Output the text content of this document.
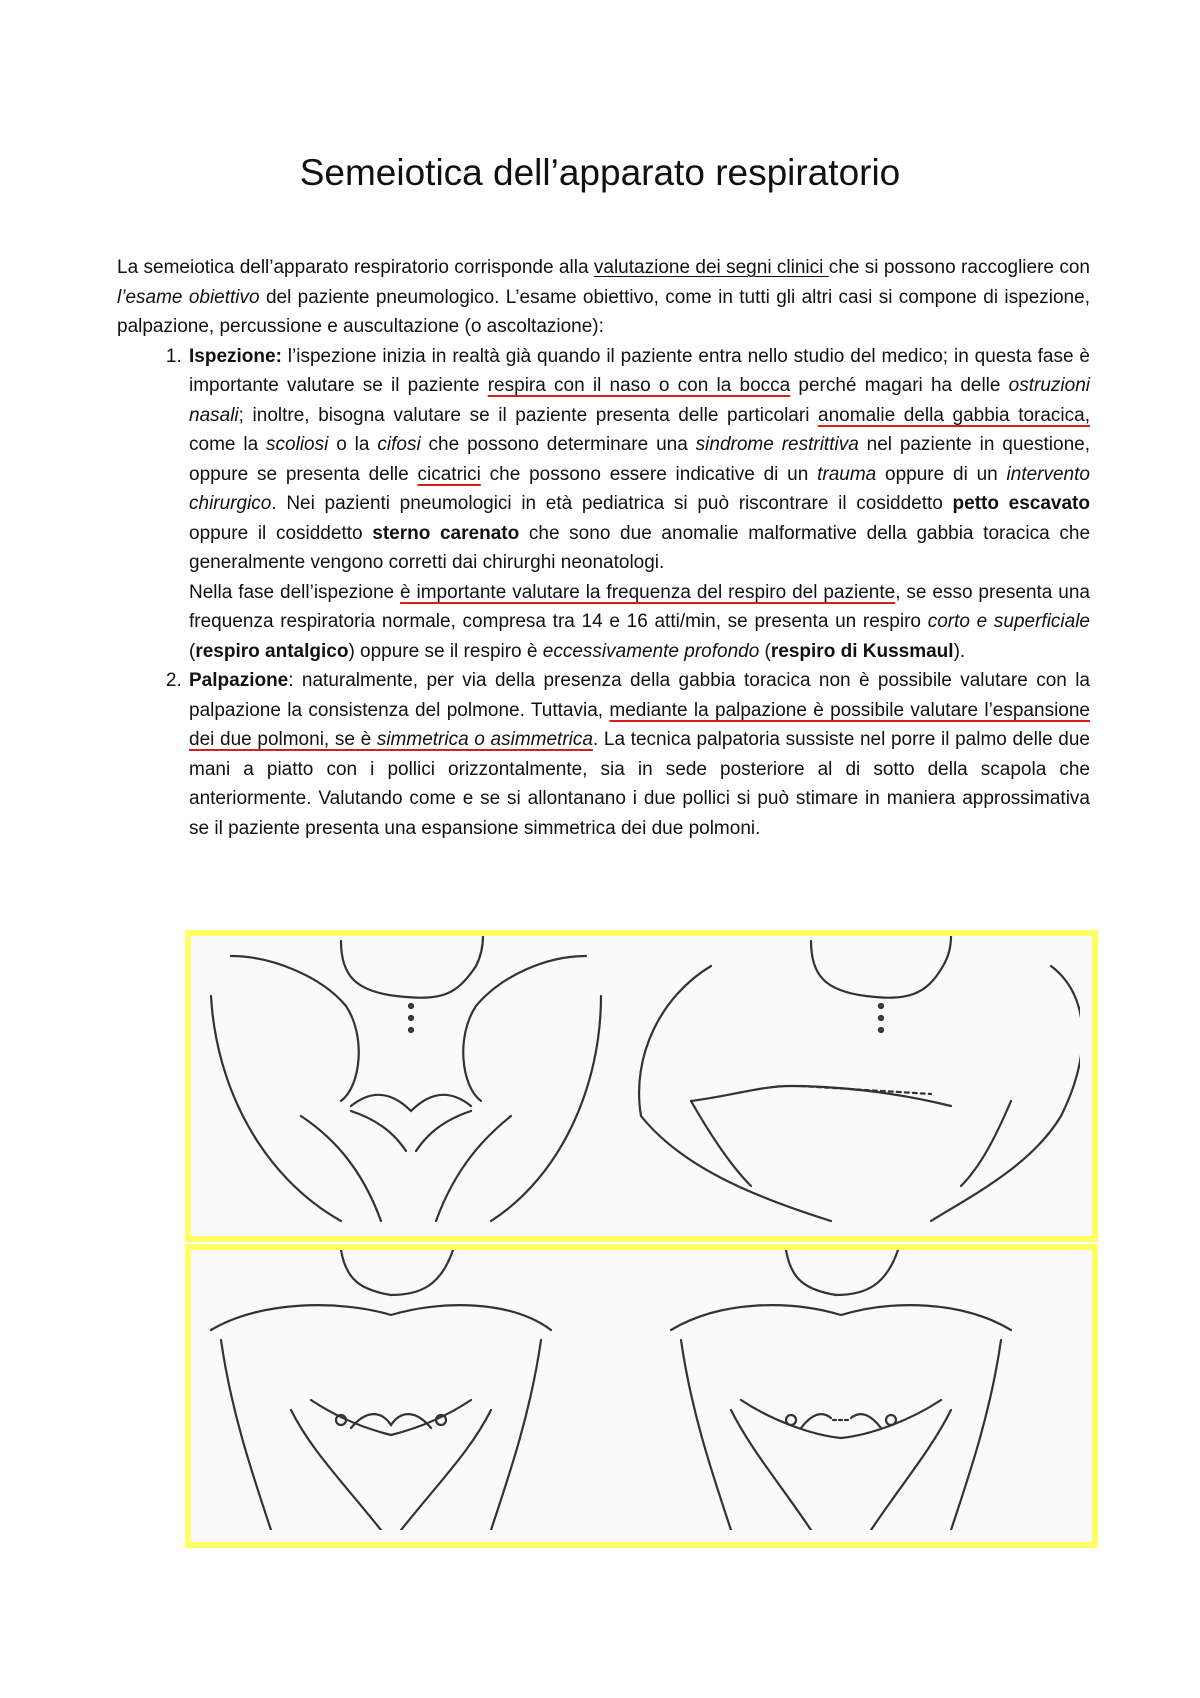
Semeiotica dell’apparato respiratorio

La semeiotica dell’apparato respiratorio corrisponde alla valutazione dei segni clinici che si possono raccogliere con l’esame obiettivo del paziente pneumologico. L’esame obiettivo, come in tutti gli altri casi si compone di ispezione, palpazione, percussione e auscultazione (o ascoltazione):

1. Ispezione: l’ispezione inizia in realtà già quando il paziente entra nello studio del medico; in questa fase è importante valutare se il paziente respira con il naso o con la bocca perché magari ha delle ostruzioni nasali; inoltre, bisogna valutare se il paziente presenta delle particolari anomalie della gabbia toracica, come la scoliosi o la cifosi che possono determinare una sindrome restrittiva nel paziente in questione, oppure se presenta delle cicatrici che possono essere indicative di un trauma oppure di un intervento chirurgico. Nei pazienti pneumologici in età pediatrica si può riscontrare il cosiddetto petto escavato oppure il cosiddetto sterno carenato che sono due anomalie malformative della gabbia toracica che generalmente vengono corretti dai chirurghi neonatologi.

Nella fase dell’ispezione è importante valutare la frequenza del respiro del paziente, se esso presenta una frequenza respiratoria normale, compresa tra 14 e 16 atti/min, se presenta un respiro corto e superficiale (respiro antalgico) oppure se il respiro è eccessivamente profondo (respiro di Kussmaul).

2. Palpazione: naturalmente, per via della presenza della gabbia toracica non è possibile valutare con la palpazione la consistenza del polmone. Tuttavia, mediante la palpazione è possibile valutare l’espansione dei due polmoni, se è simmetrica o asimmetrica. La tecnica palpatoria sussiste nel porre il palmo delle due mani a piatto con i pollici orizzontalmente, sia in sede posteriore al di sotto della scapola che anteriormente. Valutando come e se si allontanano i due pollici si può stimare in maniera approssimativa se il paziente presenta una espansione simmetrica dei due polmoni.
